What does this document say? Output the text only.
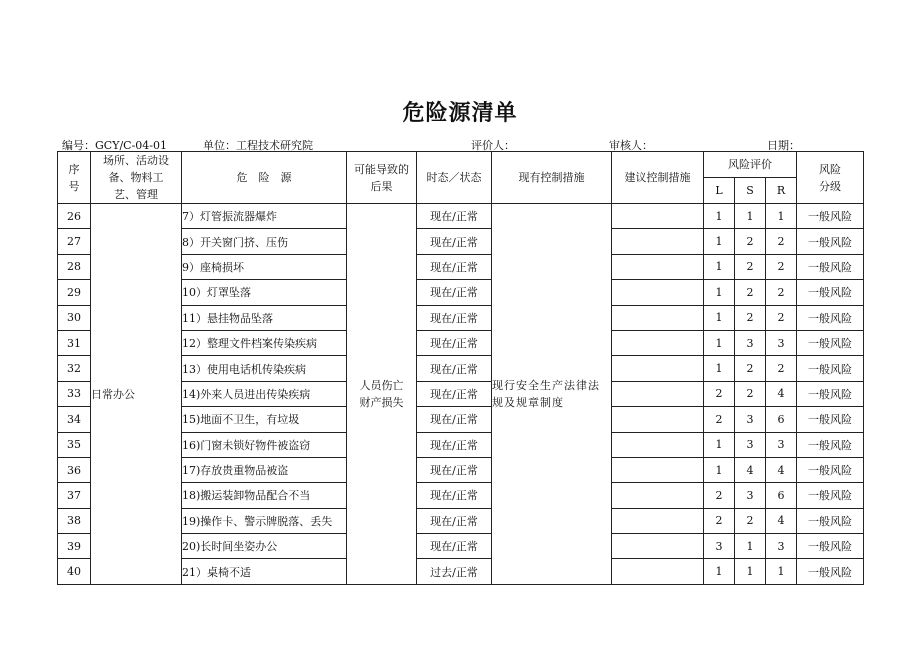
危险源清单
编号：GCY/C-04-01	单位：工程技术研究院	评价人：	审核人：	日期：
序号	场所、活动设备、物料工艺、管理	危　险　源	可能导致的后果	时态／状态	现有控制措施	建议控制措施	风险评价			风险分级

							L	S	R	
26	日常办公	7）灯管振流器爆炸	人员伤亡财产损失	现在/正常	现行安全生产法律法规及规章制度		1	1	1	一般风险
27		8）开关窗门挤、压伤		现在/正常			1	2	2	一般风险
28		9）座椅损坏		现在/正常			1	2	2	一般风险
29		10）灯罩坠落		现在/正常			1	2	2	一般风险
30		11）悬挂物品坠落		现在/正常			1	2	2	一般风险
31		12）整理文件档案传染疾病		现在/正常			1	3	3	一般风险
32		13）使用电话机传染疾病		现在/正常			1	2	2	一般风险
33		14)外来人员进出传染疾病		现在/正常			2	2	4	一般风险
34		15)地面不卫生，有垃圾		现在/正常			2	3	6	一般风险
35		16)门窗未锁好物件被盗窃		现在/正常			1	3	3	一般风险
36		17)存放贵重物品被盗		现在/正常			1	4	4	一般风险
37		18)搬运装卸物品配合不当		现在/正常			2	3	6	一般风险
38		19)操作卡、警示牌脱落、丢失		现在/正常			2	2	4	一般风险
39		20)长时间坐姿办公		现在/正常			3	1	3	一般风险
40		21）桌椅不适		过去/正常			1	1	1	一般风险
